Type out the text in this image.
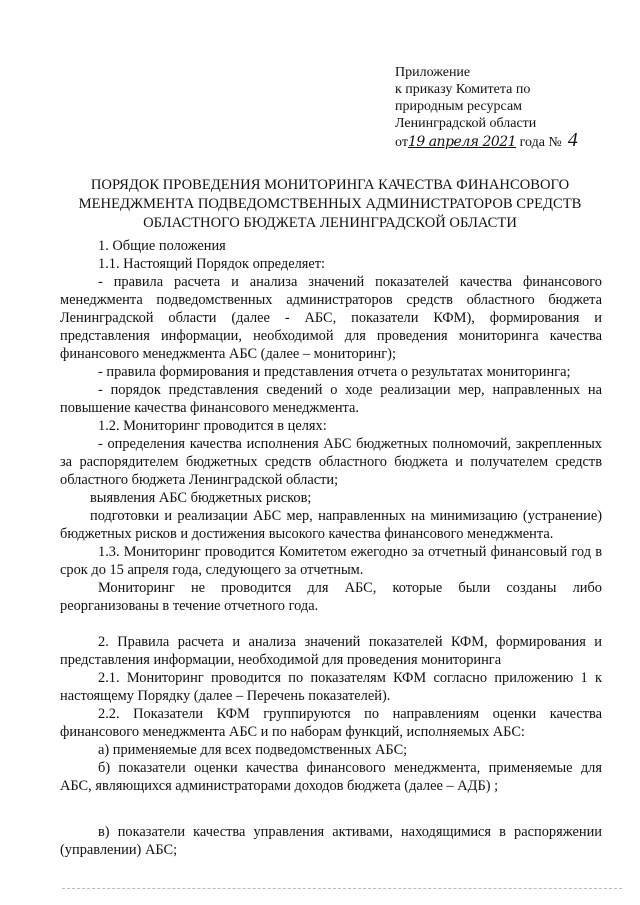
Приложение
к приказу Комитета по
природным ресурсам
Ленинградской области
от19 апреля 2021 года № 4
ПОРЯДОК ПРОВЕДЕНИЯ МОНИТОРИНГА КАЧЕСТВА ФИНАНСОВОГО
МЕНЕДЖМЕНТА ПОДВЕДОМСТВЕННЫХ АДМИНИСТРАТОРОВ СРЕДСТВ
ОБЛАСТНОГО БЮДЖЕТА ЛЕНИНГРАДСКОЙ ОБЛАСТИ

1. Общие положения

1.1. Настоящий Порядок определяет:

- правила расчета и анализа значений показателей качества финансового менеджмента подведомственных администраторов средств областного бюджета Ленинградской области (далее - АБС, показатели КФМ), формирования и представления информации, необходимой для проведения мониторинга качества финансового менеджмента АБС (далее – мониторинг);

- правила формирования и представления отчета о результатах мониторинга;

- порядок представления сведений о ходе реализации мер, направленных на повышение качества финансового менеджмента.

1.2. Мониторинг проводится в целях:

- определения качества исполнения АБС бюджетных полномочий, закрепленных за распорядителем бюджетных средств областного бюджета и получателем средств областного бюджета Ленинградской области;

выявления АБС бюджетных рисков;

подготовки и реализации АБС мер, направленных на минимизацию (устранение) бюджетных рисков и достижения высокого качества финансового менеджмента.

1.3. Мониторинг проводится Комитетом ежегодно за отчетный финансовый год в срок до 15 апреля года, следующего за отчетным.

Мониторинг не проводится для АБС, которые были созданы либо реорганизованы в течение отчетного года.

2. Правила расчета и анализа значений показателей КФМ, формирования и представления информации, необходимой для проведения мониторинга

2.1. Мониторинг проводится по показателям КФМ согласно приложению 1 к настоящему Порядку (далее – Перечень показателей).

2.2. Показатели КФМ группируются по направлениям оценки качества финансового менеджмента АБС и по наборам функций, исполняемых АБС:

а) применяемые для всех подведомственных АБС;

б) показатели оценки качества финансового менеджмента, применяемые для АБС, являющихся администраторами доходов бюджета (далее – АДБ) ;

в) показатели качества управления активами, находящимися в распоряжении (управлении) АБС;
